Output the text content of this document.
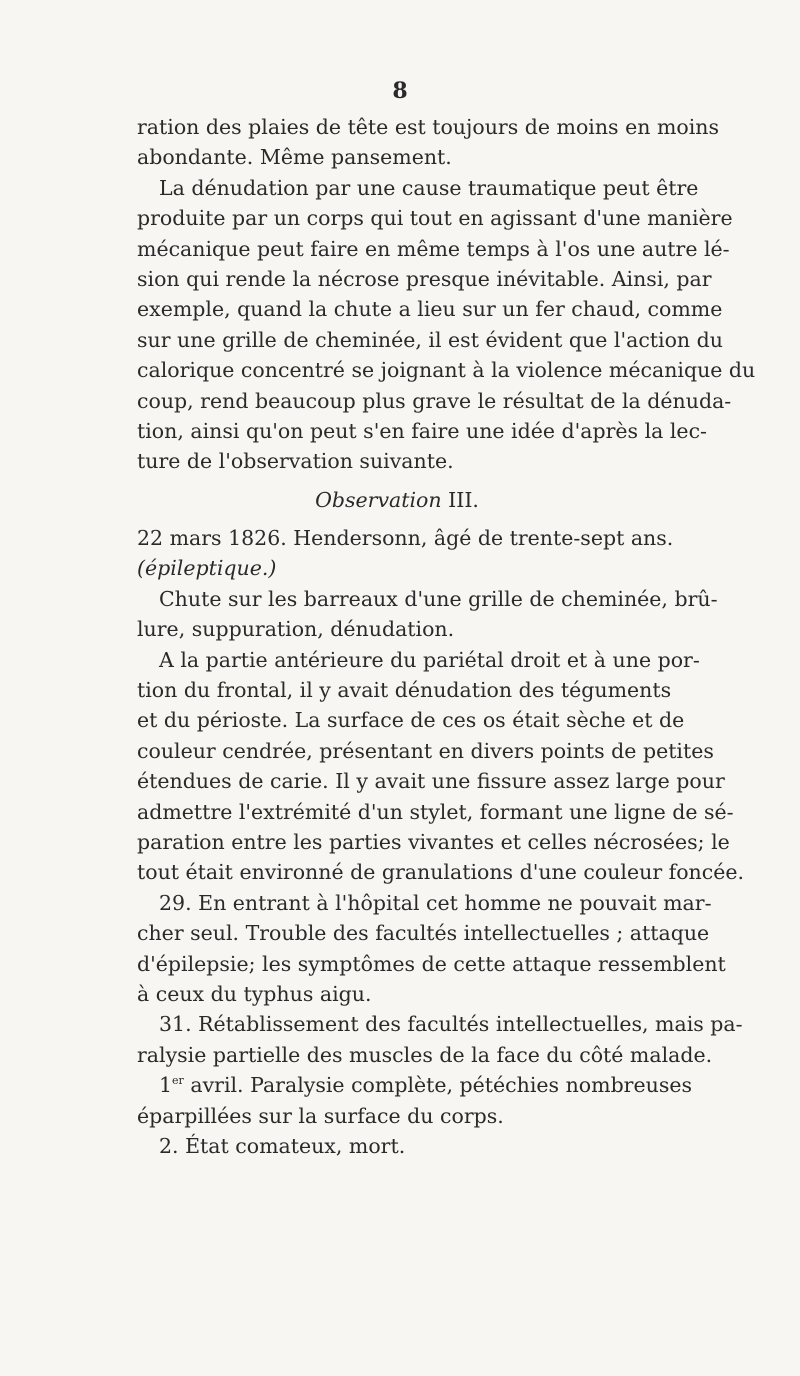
8
ration des plaies de tête est toujours de moins en moins
abondante. Même pansement.
La dénudation par une cause traumatique peut être
produite par un corps qui tout en agissant d'une manière
mécanique peut faire en même temps à l'os une autre lé-
sion qui rende la nécrose presque inévitable. Ainsi, par
exemple, quand la chute a lieu sur un fer chaud, comme
sur une grille de cheminée, il est évident que l'action du
calorique concentré se joignant à la violence mécanique du
coup, rend beaucoup plus grave le résultat de la dénuda-
tion, ainsi qu'on peut s'en faire une idée d'après la lec-
ture de l'observation suivante.
Observation III.
22 mars 1826. Hendersonn, âgé de trente-sept ans.
(épileptique.)
Chute sur les barreaux d'une grille de cheminée, brû-
lure, suppuration, dénudation.
A la partie antérieure du pariétal droit et à une por-
tion du frontal, il y avait dénudation des téguments
et du périoste. La surface de ces os était sèche et de
couleur cendrée, présentant en divers points de petites
étendues de carie. Il y avait une fissure assez large pour
admettre l'extrémité d'un stylet, formant une ligne de sé-
paration entre les parties vivantes et celles nécrosées; le
tout était environné de granulations d'une couleur foncée.
29. En entrant à l'hôpital cet homme ne pouvait mar-
cher seul. Trouble des facultés intellectuelles ; attaque
d'épilepsie; les symptômes de cette attaque ressemblent
à ceux du typhus aigu.
31. Rétablissement des facultés intellectuelles, mais pa-
ralysie partielle des muscles de la face du côté malade.
1er avril. Paralysie complète, pétéchies nombreuses
éparpillées sur la surface du corps.
2. État comateux, mort.
